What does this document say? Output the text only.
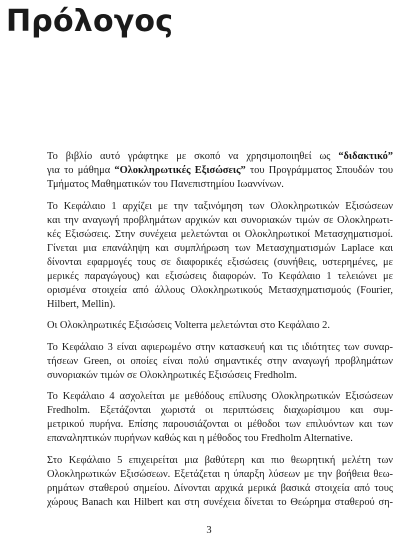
Πρόλογος

Το βιβλίο αυτό γράφτηκε με σκοπό να χρησιμοποιηθεί ως “διδακτικό”
για το μάθημα “Ολοκληρωτικές Εξισώσεις” του Προγράμματος Σπουδών του
Τμήματος Μαθηματικών του Πανεπιστημίου Ιωαννίνων.

Το Κεφάλαιο 1 αρχίζει με την ταξινόμηση των Ολοκληρωτικών Εξισώσεων
και την αναγωγή προβλημάτων αρχικών και συνοριακών τιμών σε Ολοκληρωτι-
κές Εξισώσεις. Στην συνέχεια μελετώνται οι Ολοκληρωτικοί Μετασχηματισμοί.
Γίνεται μια επανάληψη και συμπλήρωση των Μετασχηματισμών Laplace και
δίνονται εφαρμογές τους σε διαφορικές εξισώσεις (συνήθεις, υστερημένες, με
μερικές παραγώγους) και εξισώσεις διαφορών. Το Κεφάλαιο 1 τελειώνει με
ορισμένα στοιχεία από άλλους Ολοκληρωτικούς Μετασχηματισμούς (Fourier,
Hilbert, Mellin).

Οι Ολοκληρωτικές Εξισώσεις Volterra μελετώνται στο Κεφάλαιο 2.

Το Κεφάλαιο 3 είναι αφιερωμένο στην κατασκευή και τις ιδιότητες των συναρ-
τήσεων Green, οι οποίες είναι πολύ σημαντικές στην αναγωγή προβλημάτων
συνοριακών τιμών σε Ολοκληρωτικές Εξισώσεις Fredholm.

Το Κεφάλαιο 4 ασχολείται με μεθόδους επίλυσης Ολοκληρωτικών Εξισώσεων
Fredholm. Εξετάζονται χωριστά οι περιπτώσεις διαχωρίσιμου και συμ-
μετρικού πυρήνα. Επίσης παρουσιάζονται οι μέθοδοι των επιλυόντων και των
επαναληπτικών πυρήνων καθώς και η μέθοδος του Fredholm Alternative.

Στο Κεφάλαιο 5 επιχειρείται μια βαθύτερη και πιο θεωρητική μελέτη των
Ολοκληρωτικών Εξισώσεων. Εξετάζεται η ύπαρξη λύσεων με την βοήθεια θεω-
ρημάτων σταθερού σημείου. Δίνονται αρχικά μερικά βασικά στοιχεία από τους
χώρους Banach και Hilbert και στη συνέχεια δίνεται το Θεώρημα σταθερού ση-

3
